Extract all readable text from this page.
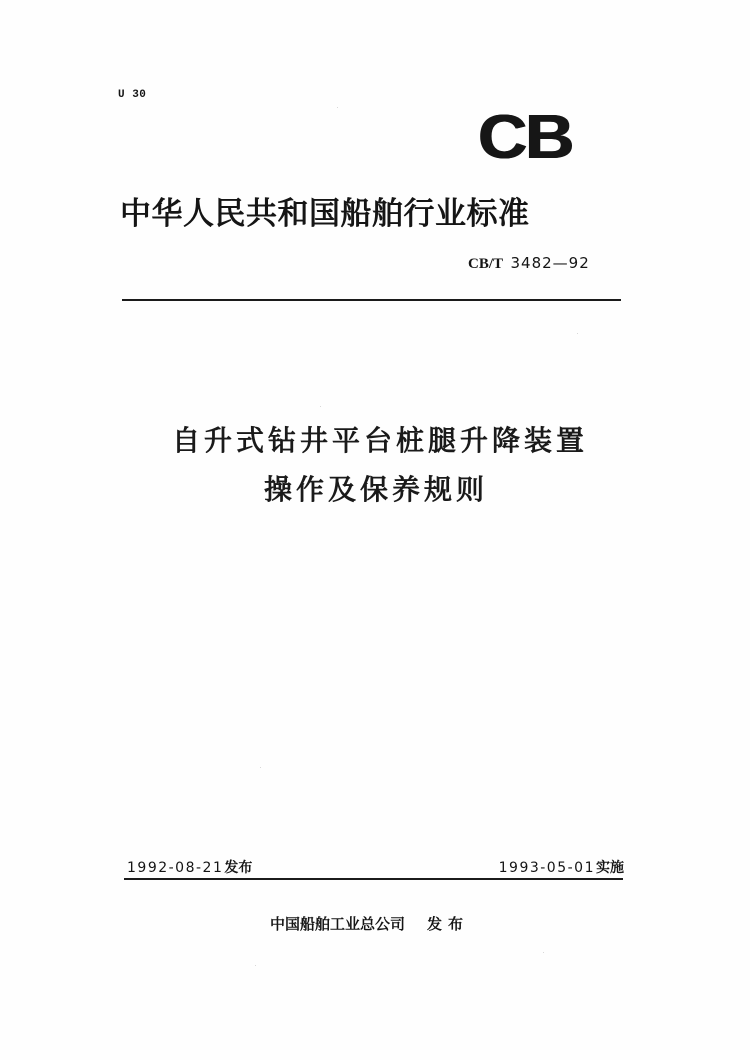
U 30
CB
中华人民共和国船舶行业标准
CB/T 3482—92
自升式钻井平台桩腿升降装置
操作及保养规则
1992-08-21发布	1993-05-01实施
中国船舶工业总公司 发布
